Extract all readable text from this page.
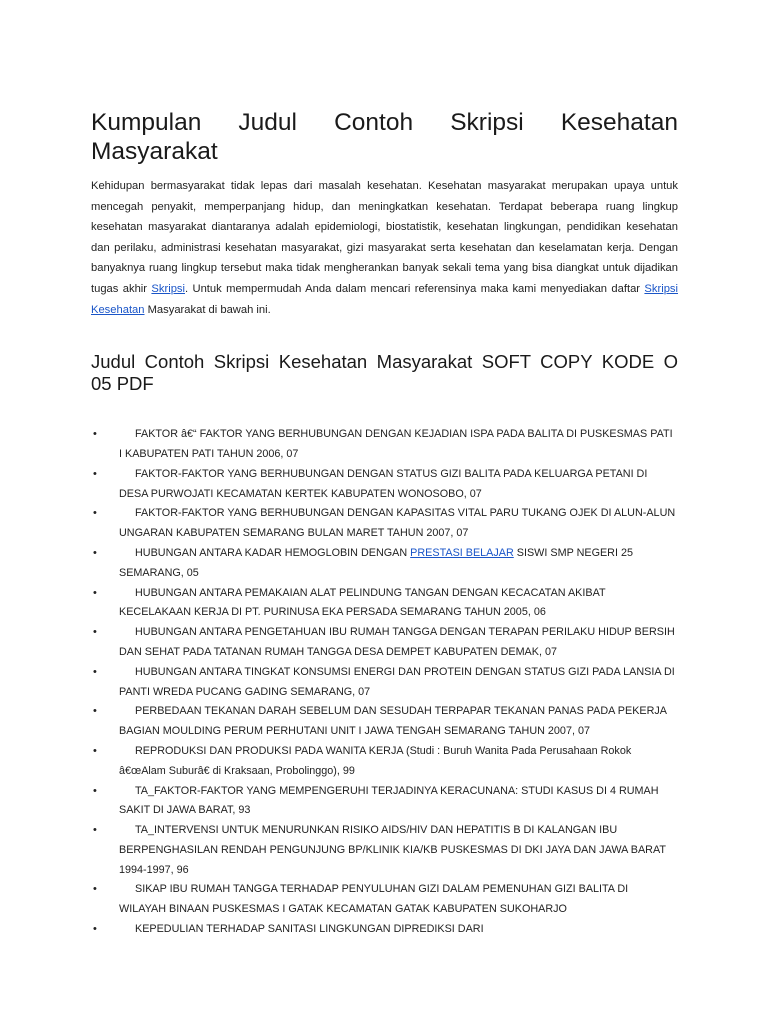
Kumpulan Judul Contoh Skripsi Kesehatan
Masyarakat

Kehidupan bermasyarakat tidak lepas dari masalah kesehatan. Kesehatan masyarakat merupakan upaya untuk mencegah penyakit, memperpanjang hidup, dan meningkatkan kesehatan. Terdapat beberapa ruang lingkup kesehatan masyarakat diantaranya adalah epidemiologi, biostatistik, kesehatan lingkungan, pendidikan kesehatan dan perilaku, administrasi kesehatan masyarakat, gizi masyarakat serta kesehatan dan keselamatan kerja. Dengan banyaknya ruang lingkup tersebut maka tidak mengherankan banyak sekali tema yang bisa diangkat untuk dijadikan tugas akhir Skripsi. Untuk mempermudah Anda dalam mencari referensinya maka kami menyediakan daftar Skripsi Kesehatan Masyarakat di bawah ini.

Judul Contoh Skripsi Kesehatan Masyarakat SOFT COPY KODE O
05 PDF
•	FAKTOR â€“ FAKTOR YANG BERHUBUNGAN DENGAN KEJADIAN ISPA PADA BALITA DI PUSKESMAS PATI I KABUPATEN PATI TAHUN 2006, 07
•	FAKTOR-FAKTOR YANG BERHUBUNGAN DENGAN STATUS GIZI BALITA PADA KELUARGA PETANI DI DESA PURWOJATI KECAMATAN KERTEK KABUPATEN WONOSOBO, 07
•	FAKTOR-FAKTOR YANG BERHUBUNGAN DENGAN KAPASITAS VITAL PARU TUKANG OJEK DI ALUN-ALUN UNGARAN KABUPATEN SEMARANG BULAN MARET TAHUN 2007, 07
•	HUBUNGAN ANTARA KADAR HEMOGLOBIN DENGAN PRESTASI BELAJAR SISWI SMP NEGERI 25 SEMARANG, 05
•	HUBUNGAN ANTARA PEMAKAIAN ALAT PELINDUNG TANGAN DENGAN KECACATAN AKIBAT KECELAKAAN KERJA DI PT. PURINUSA EKA PERSADA SEMARANG TAHUN 2005, 06
•	HUBUNGAN ANTARA PENGETAHUAN IBU RUMAH TANGGA DENGAN TERAPAN PERILAKU HIDUP BERSIH DAN SEHAT PADA TATANAN RUMAH TANGGA DESA DEMPET KABUPATEN DEMAK, 07
•	HUBUNGAN ANTARA TINGKAT KONSUMSI ENERGI DAN PROTEIN DENGAN STATUS GIZI PADA LANSIA DI PANTI WREDA PUCANG GADING SEMARANG, 07
•	PERBEDAAN TEKANAN DARAH SEBELUM DAN SESUDAH TERPAPAR TEKANAN PANAS PADA PEKERJA BAGIAN MOULDING PERUM PERHUTANI UNIT I JAWA TENGAH SEMARANG TAHUN 2007, 07
•	REPRODUKSI DAN PRODUKSI PADA WANITA KERJA (Studi : Buruh Wanita Pada Perusahaan Rokok â€œAlam Suburâ€ di Kraksaan, Probolinggo), 99
•	TA_FAKTOR-FAKTOR YANG MEMPENGERUHI TERJADINYA KERACUNANA: STUDI KASUS DI 4 RUMAH SAKIT DI JAWA BARAT, 93
•	TA_INTERVENSI UNTUK MENURUNKAN RISIKO AIDS/HIV DAN HEPATITIS B DI KALANGAN IBU BERPENGHASILAN RENDAH PENGUNJUNG BP/KLINIK KIA/KB PUSKESMAS DI DKI JAYA DAN JAWA BARAT 1994-1997, 96
•	SIKAP IBU RUMAH TANGGA TERHADAP PENYULUHAN GIZI DALAM PEMENUHAN GIZI BALITA DI WILAYAH BINAAN PUSKESMAS I GATAK KECAMATAN GATAK KABUPATEN SUKOHARJO
•	KEPEDULIAN TERHADAP SANITASI LINGKUNGAN DIPREDIKSI DARI
